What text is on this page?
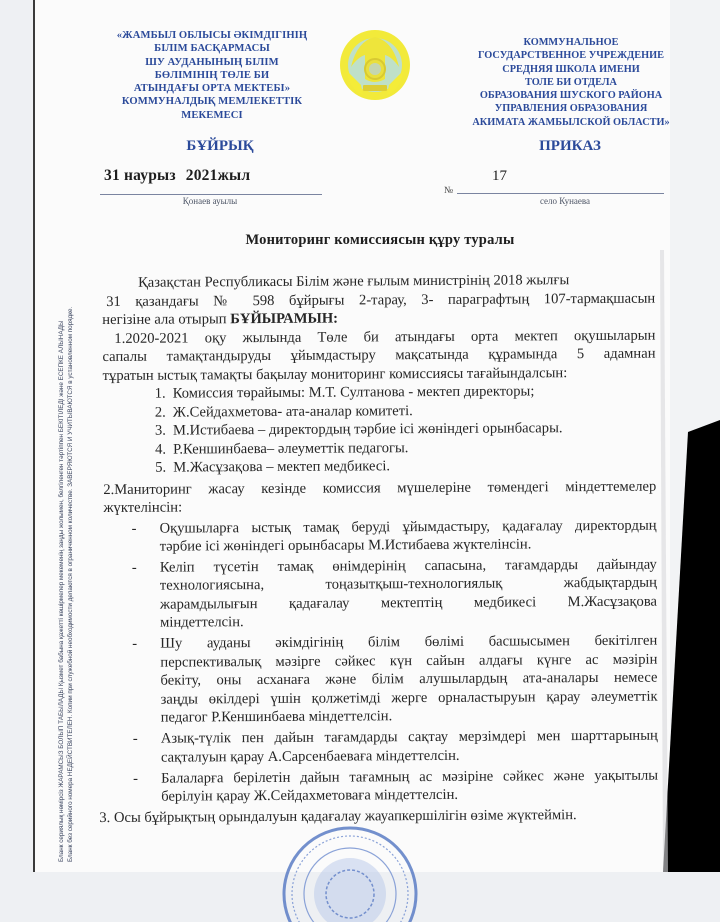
«ЖАМБЫЛ ОБЛЫСЫ ӘКІМДІГІНІҢ
БІЛІМ БАСҚАРМАСЫ
ШУ АУДАНЫНЫҢ БІЛІМ
БӨЛІМІНІҢ ТӨЛЕ БИ
АТЫНДАҒЫ ОРТА МЕКТЕБІ»
КОММУНАЛДЫҚ МЕМЛЕКЕТТІК
МЕКЕМЕСІ
КОММУНАЛЬНОЕ
ГОСУДАРСТВЕННОЕ УЧРЕЖДЕНИЕ
СРЕДНЯЯ ШКОЛА ИМЕНИ
ТОЛЕ БИ ОТДЕЛА
ОБРАЗОВАНИЯ ШУСКОГО РАЙОНА
УПРАВЛЕНИЯ ОБРАЗОВАНИЯ
АКИМАТА ЖАМБЫЛСКОЙ ОБЛАСТИ»
БҰЙРЫҚ	ПРИКАЗ
31 наурыз 2021жыл
Қонаев ауылы
17
№
село Кунаева
Мониторинг комиссиясын құру туралы

Қазақстан Республикасы Білім және ғылым министрінің 2018 жылғы

31 қазандағы № 598 бұйрығы 2-тарау, 3- параграфтың 107-тармақшасын

негізіне ала отырып БҰЙЫРАМЫН:

1.2020-2021 оқу жылында Төле би атындағы орта мектеп оқушыларын

сапалы тамақтандыруды ұйымдастыру мақсатында құрамында 5 адамнан

тұратын ыстық тамақты бақылау мониторинг комиссиясы тағайындалсын:

1. Комиссия төрайымы: М.Т. Султанова - мектеп директоры;
2. Ж.Сейдахметова- ата-аналар комитеті.
3. М.Истибаева – директордың тәрбие ісі жөніндегі орынбасары.
4. Р.Кеншинбаева– әлеуметтік педагогы.
5. М.Жасұзақова – мектеп медбикесі.

2.Маниторинг жасау кезінде комиссия мүшелеріне төмендегі міндеттемелер

жүктелінсін:

- Оқушыларға ыстық тамақ беруді ұйымдастыру, қадағалау директордың
тәрбие ісі жөніндегі орынбасары М.Истибаева жүктелінсін.
- Келіп түсетін тамақ өнімдерінің сапасына, тағамдарды дайындау
технологиясына, тоңазытқыш-технологиялық жабдықтардың
жарамдылығын қадағалау мектептің медбикесі М.Жасұзақова
міндеттелсін.
- Шу ауданы әкімдігінің білім бөлімі басшысымен бекітілген
перспективалық мәзірге сәйкес күн сайын алдағы күнге ас мәзірін
бекіту, оны асханаға және білім алушылардың ата-аналары немесе
заңды өкілдері үшін қолжетімді жерге орналастыруын қарау әлеуметтік
педагог Р.Кеншинбаева міндеттелсін.
- Азық-түлік пен дайын тағамдарды сақтау мерзімдері мен шарттарының
сақталуын қарау А.Сарсенбаеваға міндеттелсін.
- Балаларға берілетін дайын тағамның ас мәзіріне сәйкес және уақытылы
берілуін қарау Ж.Сейдахметоваға міндеттелсін.

3. Осы бұйрықтың орындалуын қадағалау жауапкершілігін өзіме жүктеймін.

Бланк сериялық нөмірсіз ЖАРАМСЫЗ БОЛЫП ТАБЫЛАДЫ Қызмет бабына қажетті көшірмелер мекеменің заңды жолымен, белгіленген тәртіппен БЕКІТІЛЕДІ және ЕСЕПКЕ АЛЫНАДЫ Бланк без серийного номера НЕДЕЙСТВИТЕЛЕН. Копии при служебной необходимости делаются в ограниченном количестве. ЗАВЕРЯЮТСЯ И УЧИТЫВАЮТСЯ в установленном порядке.
